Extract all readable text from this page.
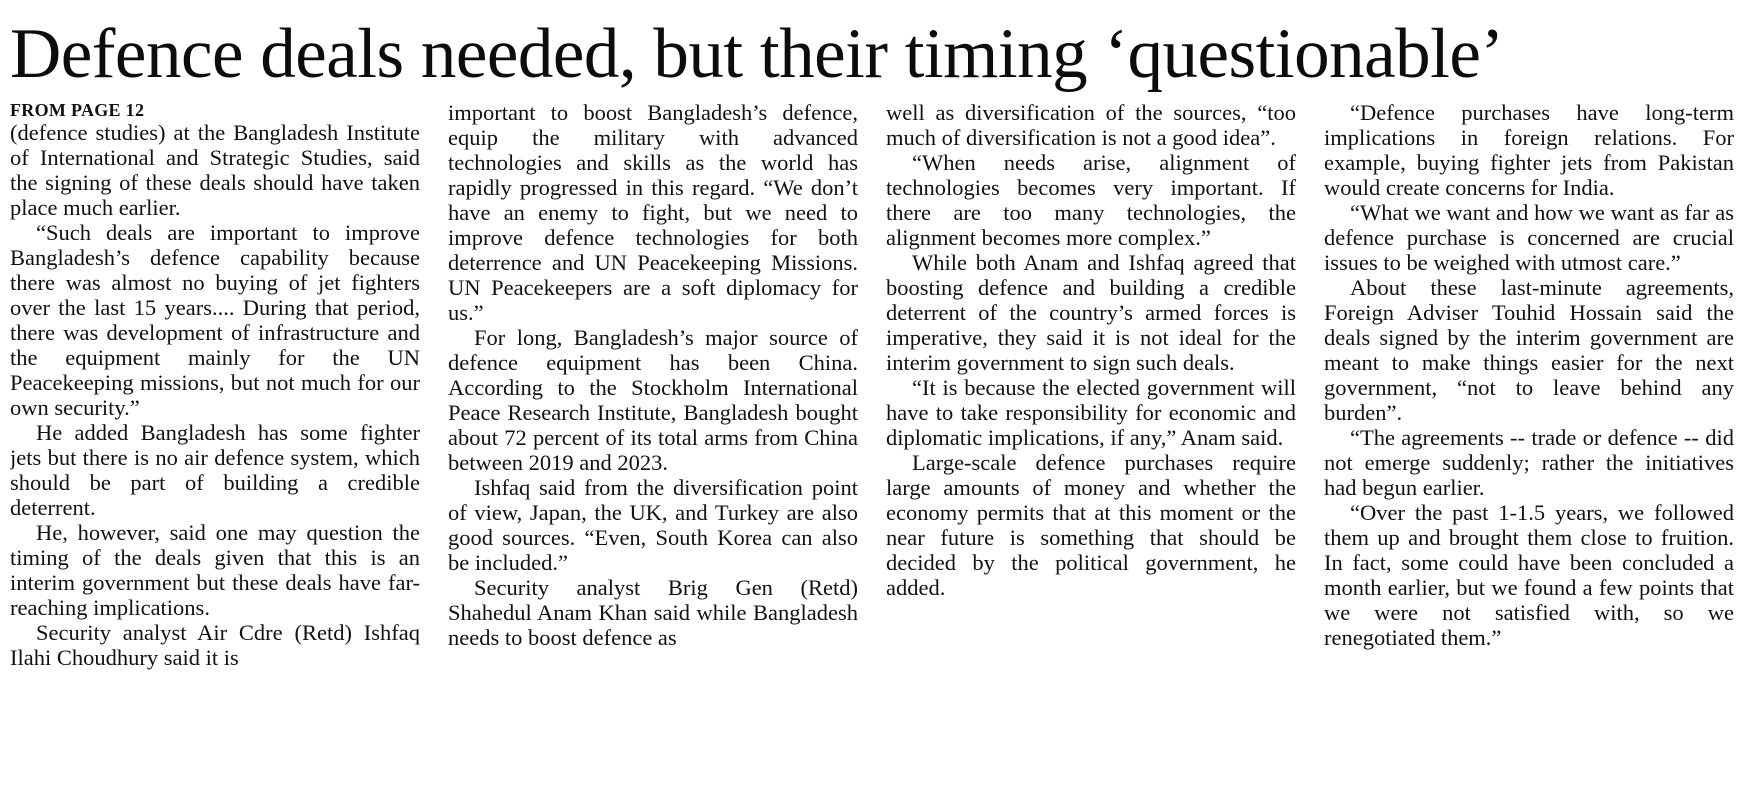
Defence deals needed, but their timing ‘questionable’
FROM PAGE 12

(defence studies) at the Bangladesh Institute of International and Strategic Studies, said the signing of these deals should have taken place much earlier.

“Such deals are important to improve Bangladesh’s defence capability because there was almost no buying of jet fighters over the last 15 years.... During that period, there was development of infrastructure and the equipment mainly for the UN Peacekeeping missions, but not much for our own security.”

He added Bangladesh has some fighter jets but there is no air defence system, which should be part of building a credible deterrent.

He, however, said one may question the timing of the deals given that this is an interim government but these deals have far-reaching implications.

Security analyst Air Cdre (Retd) Ishfaq Ilahi Choudhury said it is

important to boost Bangladesh’s defence, equip the military with advanced technologies and skills as the world has rapidly progressed in this regard. “We don’t have an enemy to fight, but we need to improve defence technologies for both deterrence and UN Peacekeeping Missions. UN Peacekeepers are a soft diplomacy for us.”

For long, Bangladesh’s major source of defence equipment has been China. According to the Stockholm International Peace Research Institute, Bangladesh bought about 72 percent of its total arms from China between 2019 and 2023.

Ishfaq said from the diversification point of view, Japan, the UK, and Turkey are also good sources. “Even, South Korea can also be included.”

Security analyst Brig Gen (Retd) Shahedul Anam Khan said while Bangladesh needs to boost defence as

well as diversification of the sources, “too much of diversification is not a good idea”.

“When needs arise, alignment of technologies becomes very important. If there are too many technologies, the alignment becomes more complex.”

While both Anam and Ishfaq agreed that boosting defence and building a credible deterrent of the country’s armed forces is imperative, they said it is not ideal for the interim government to sign such deals.

“It is because the elected government will have to take responsibility for economic and diplomatic implications, if any,” Anam said.

Large-scale defence purchases require large amounts of money and whether the economy permits that at this moment or the near future is something that should be decided by the political government, he added.

“Defence purchases have long-term implications in foreign relations. For example, buying fighter jets from Pakistan would create concerns for India.

“What we want and how we want as far as defence purchase is concerned are crucial issues to be weighed with utmost care.”

About these last-minute agreements, Foreign Adviser Touhid Hossain said the deals signed by the interim government are meant to make things easier for the next government, “not to leave behind any burden”.

“The agreements -- trade or defence -- did not emerge suddenly; rather the initiatives had begun earlier.

“Over the past 1-1.5 years, we followed them up and brought them close to fruition. In fact, some could have been concluded a month earlier, but we found a few points that we were not satisfied with, so we renegotiated them.”
